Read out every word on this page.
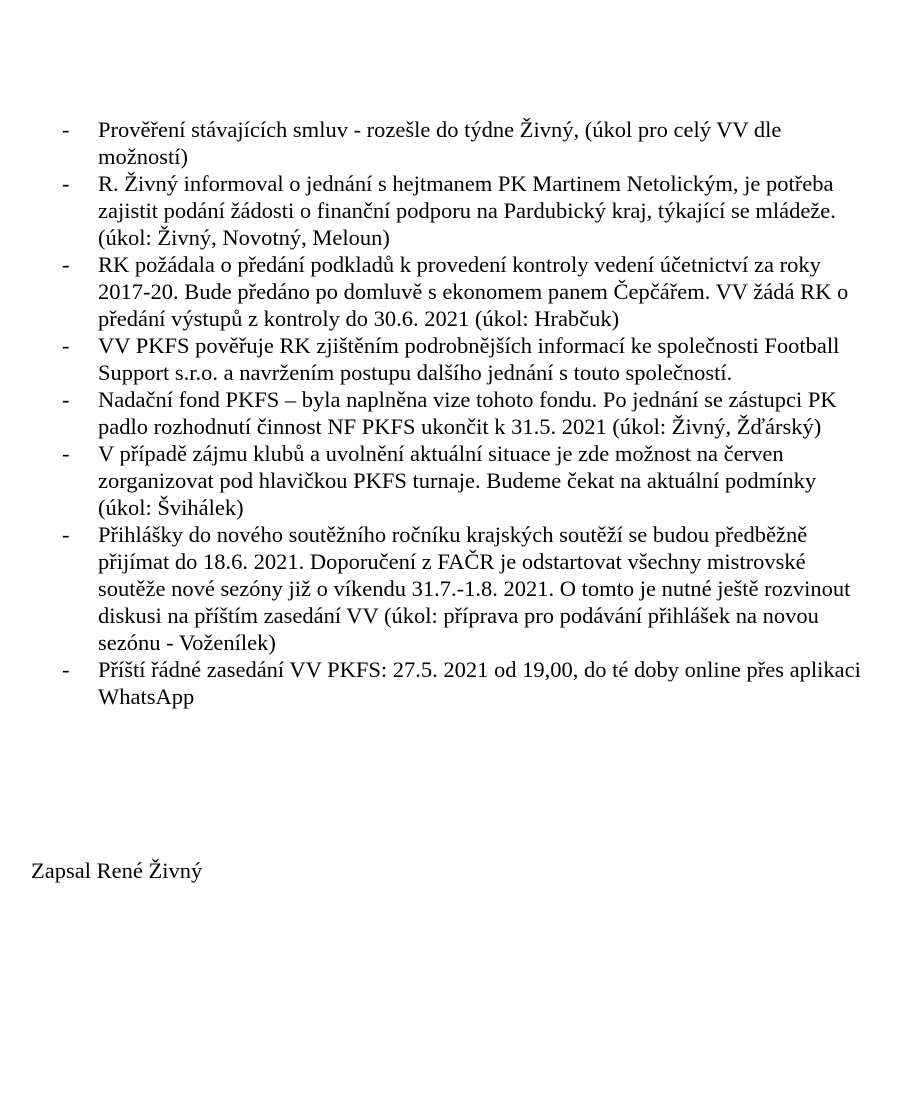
-	Prověření stávajících smluv - rozešle do týdne Živný, (úkol pro celý VV dle možností)
-	R. Živný informoval o jednání s hejtmanem PK Martinem Netolickým, je potřeba zajistit podání žádosti o finanční podporu na Pardubický kraj, týkající se mládeže. (úkol: Živný, Novotný, Meloun)
-	RK požádala o předání podkladů k provedení kontroly vedení účetnictví za roky 2017-20. Bude předáno po domluvě s ekonomem panem Čepčářem. VV žádá RK o předání výstupů z kontroly do 30.6. 2021 (úkol: Hrabčuk)
-	VV PKFS pověřuje RK zjištěním podrobnějších informací ke společnosti Football Support s.r.o. a navržením postupu dalšího jednání s touto společností.
-	Nadační fond PKFS – byla naplněna vize tohoto fondu. Po jednání se zástupci PK padlo rozhodnutí činnost NF PKFS ukončit k 31.5. 2021 (úkol: Živný, Žďárský)
-	V případě zájmu klubů a uvolnění aktuální situace je zde možnost na červen zorganizovat pod hlavičkou PKFS turnaje. Budeme čekat na aktuální podmínky (úkol: Švihálek)
-	Přihlášky do nového soutěžního ročníku krajských soutěží se budou předběžně přijímat do 18.6. 2021. Doporučení z FAČR je odstartovat všechny mistrovské soutěže nové sezóny již o víkendu 31.7.-1.8. 2021. O tomto je nutné ještě rozvinout diskusi na příštím zasedání VV (úkol: příprava pro podávání přihlášek na novou sezónu - Voženílek)
-	Příští řádné zasedání VV PKFS: 27.5. 2021 od 19,00, do té doby online přes aplikaci WhatsApp

Zapsal René Živný
